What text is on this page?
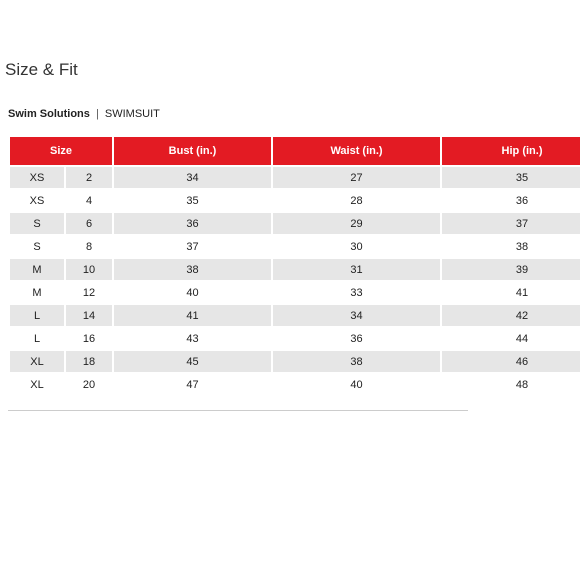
Size & Fit
Swim Solutions | SWIMSUIT
Size		Bust (in.)	Waist (in.)	Hip (in.)
XS	2	34	27	35
XS	4	35	28	36
S	6	36	29	37
S	8	37	30	38
M	10	38	31	39
M	12	40	33	41
L	14	41	34	42
L	16	43	36	44
XL	18	45	38	46
XL	20	47	40	48
